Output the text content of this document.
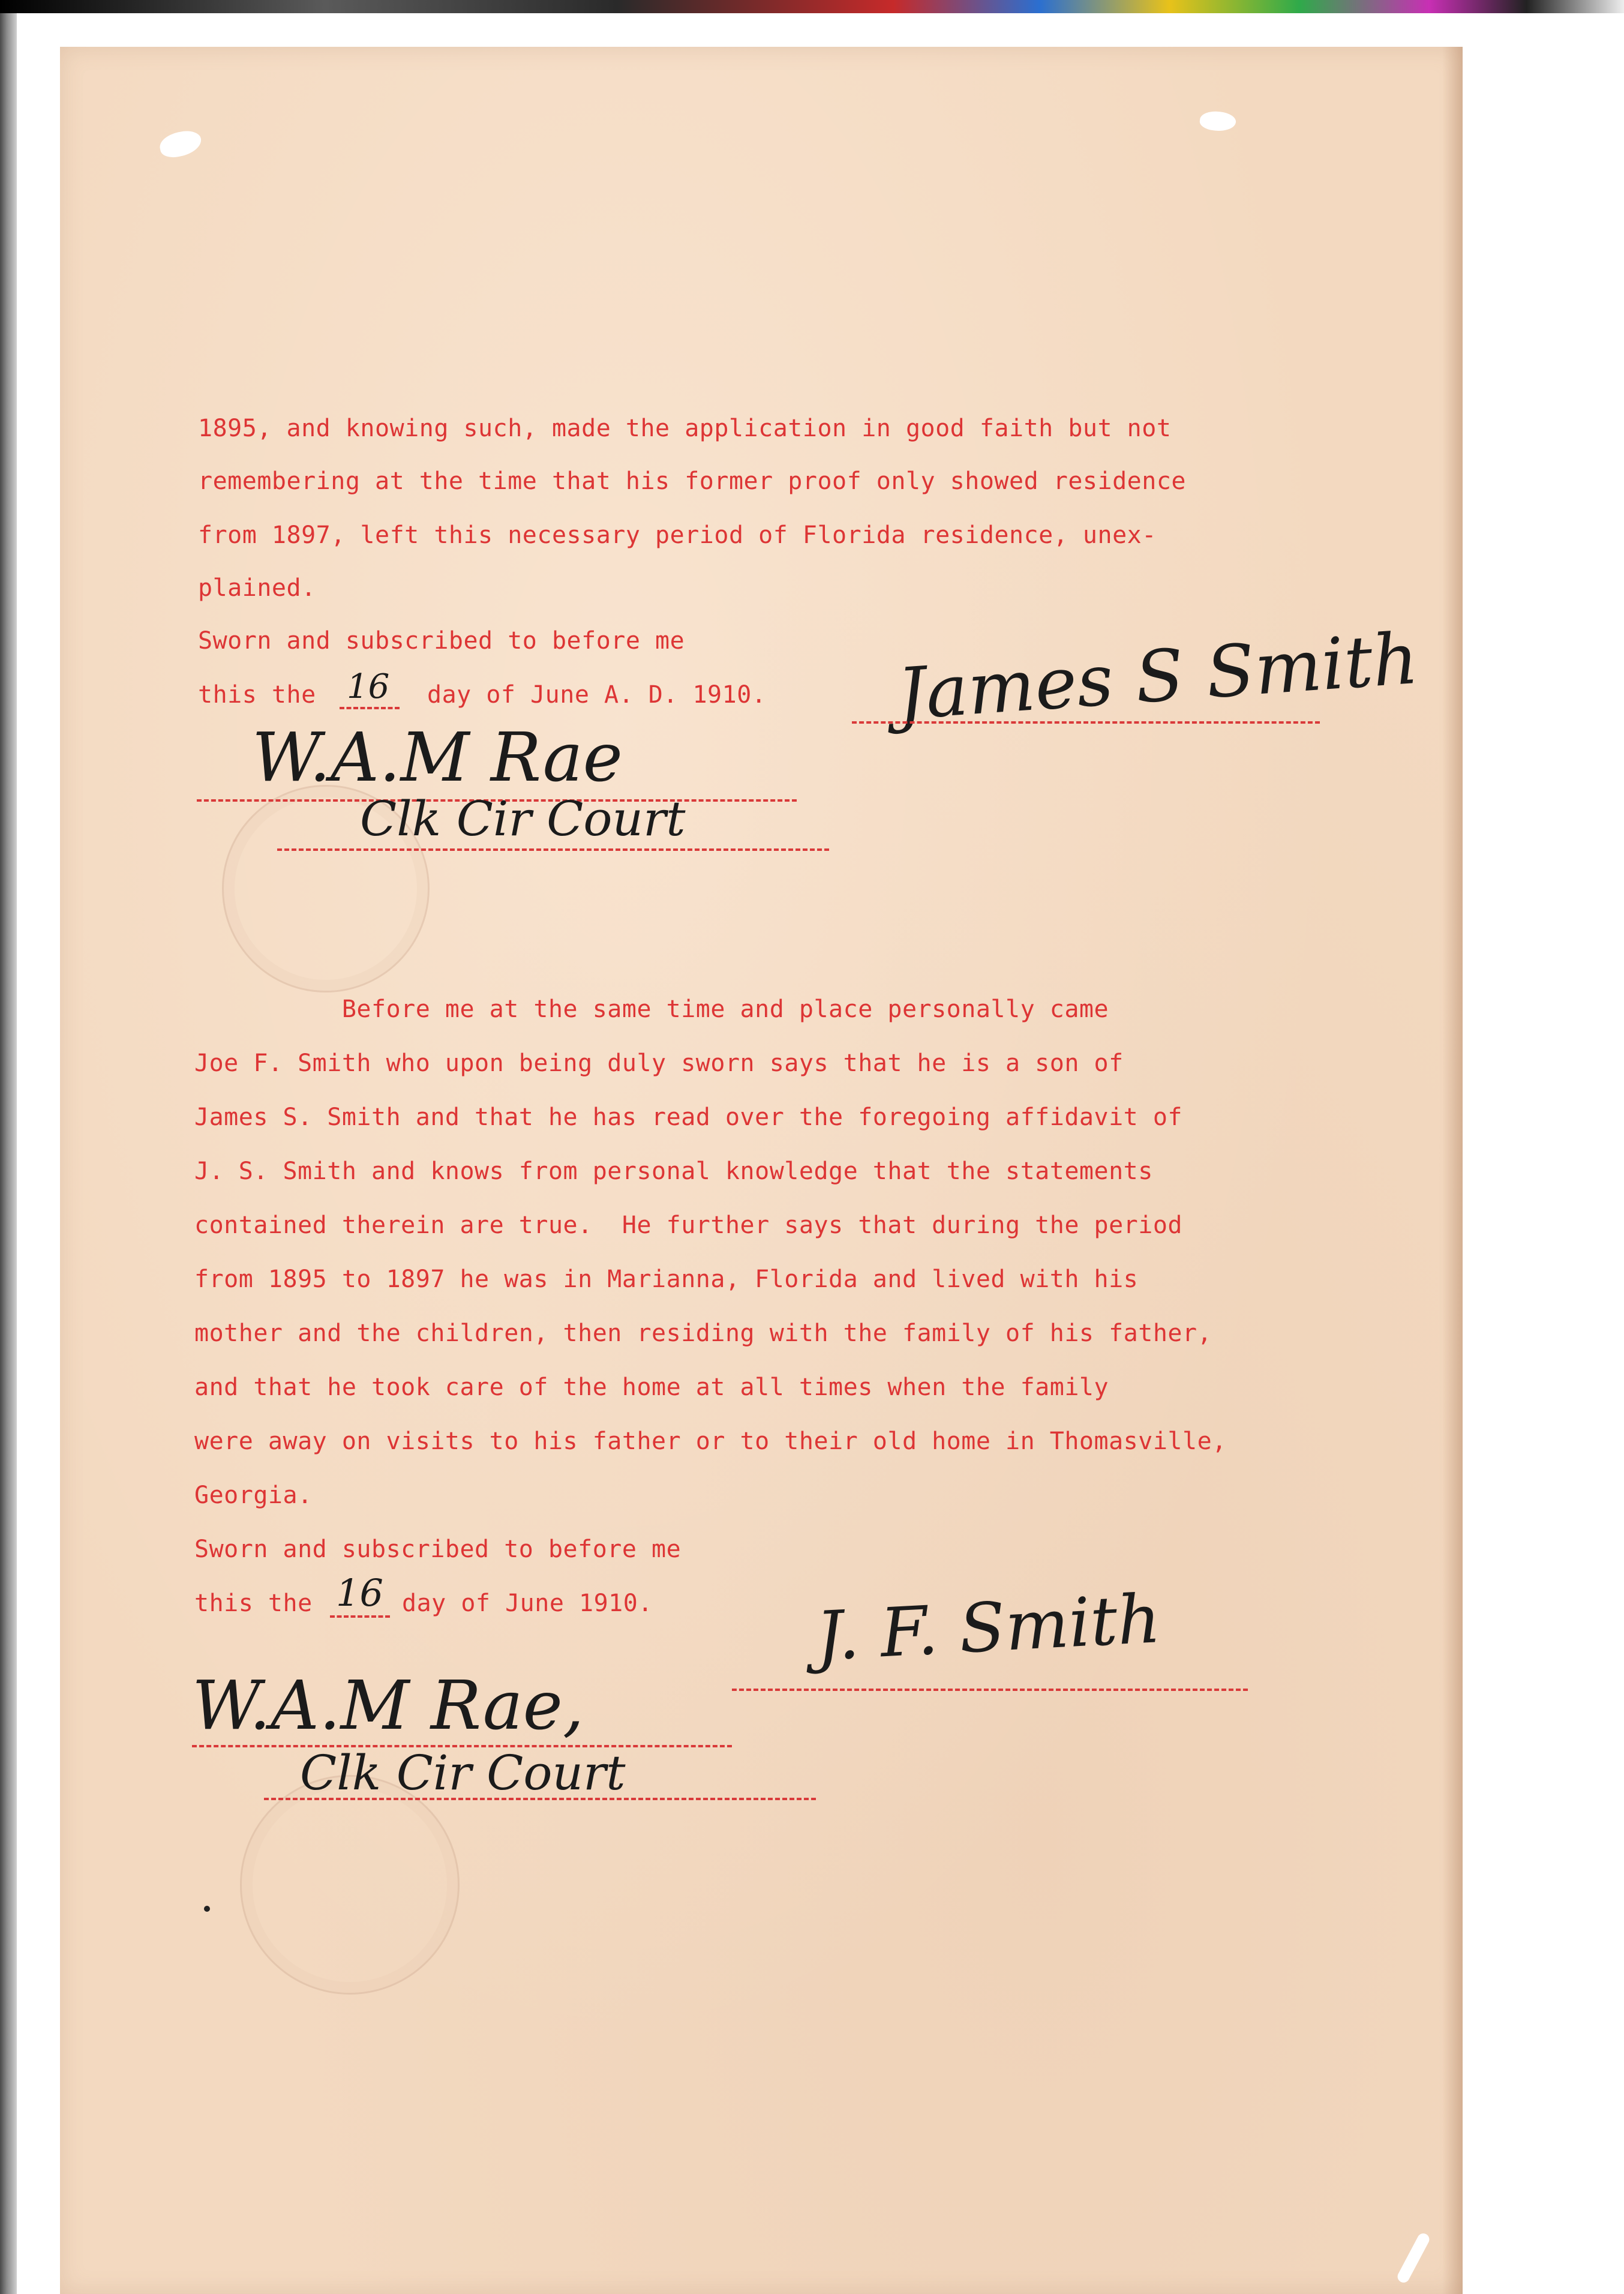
1895, and knowing such, made the application in good faith but not
remembering at the time that his former proof only showed residence
from 1897, left this necessary period of Florida residence, unex-
plained.
Sworn and subscribed to before me
this the 16 day of June A. D. 1910. James S Smith
W.A.M Rae
Clk Cir Court
Before me at the same time and place personally came
Joe F. Smith who upon being duly sworn says that he is a son of
James S. Smith and that he has read over the foregoing affidavit of
J. S. Smith and knows from personal knowledge that the statements
contained therein are true.  He further says that during the period
from 1895 to 1897 he was in Marianna, Florida and lived with his
mother and the children, then residing with the family of his father,
and that he took care of the home at all times when the family
were away on visits to his father or to their old home in Thomasville,
Georgia.
Sworn and subscribed to before me
this the 16 day of June 1910. J. F. Smith
W.A.M Rae,
Clk Cir Court
